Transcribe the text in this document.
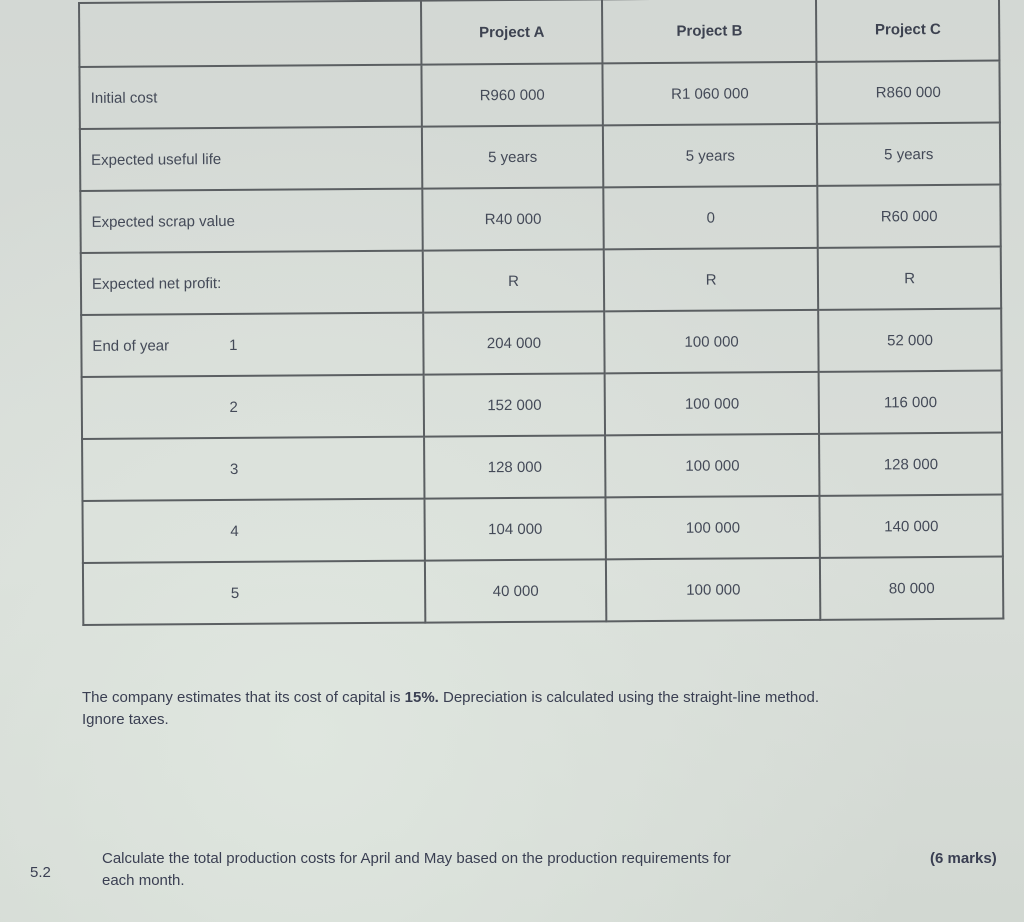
	Project A	Project B	Project C
Initial cost	R960 000	R1 060 000	R860 000
Expected useful life	5 years	5 years	5 years
Expected scrap value	R40 000	0	R60 000
Expected net profit:	R	R	R

End of year 1	204 000	100 000	52 000

2	152 000	100 000	116 000

3	128 000	100 000	128 000

4	104 000	100 000	140 000

5	40 000	100 000	80 000
The company estimates that its cost of capital is 15%. Depreciation is calculated using the straight-line method.
Ignore taxes.
5.2
Calculate the total production costs for April and May based on the production requirements for
each month.
(6 marks)
